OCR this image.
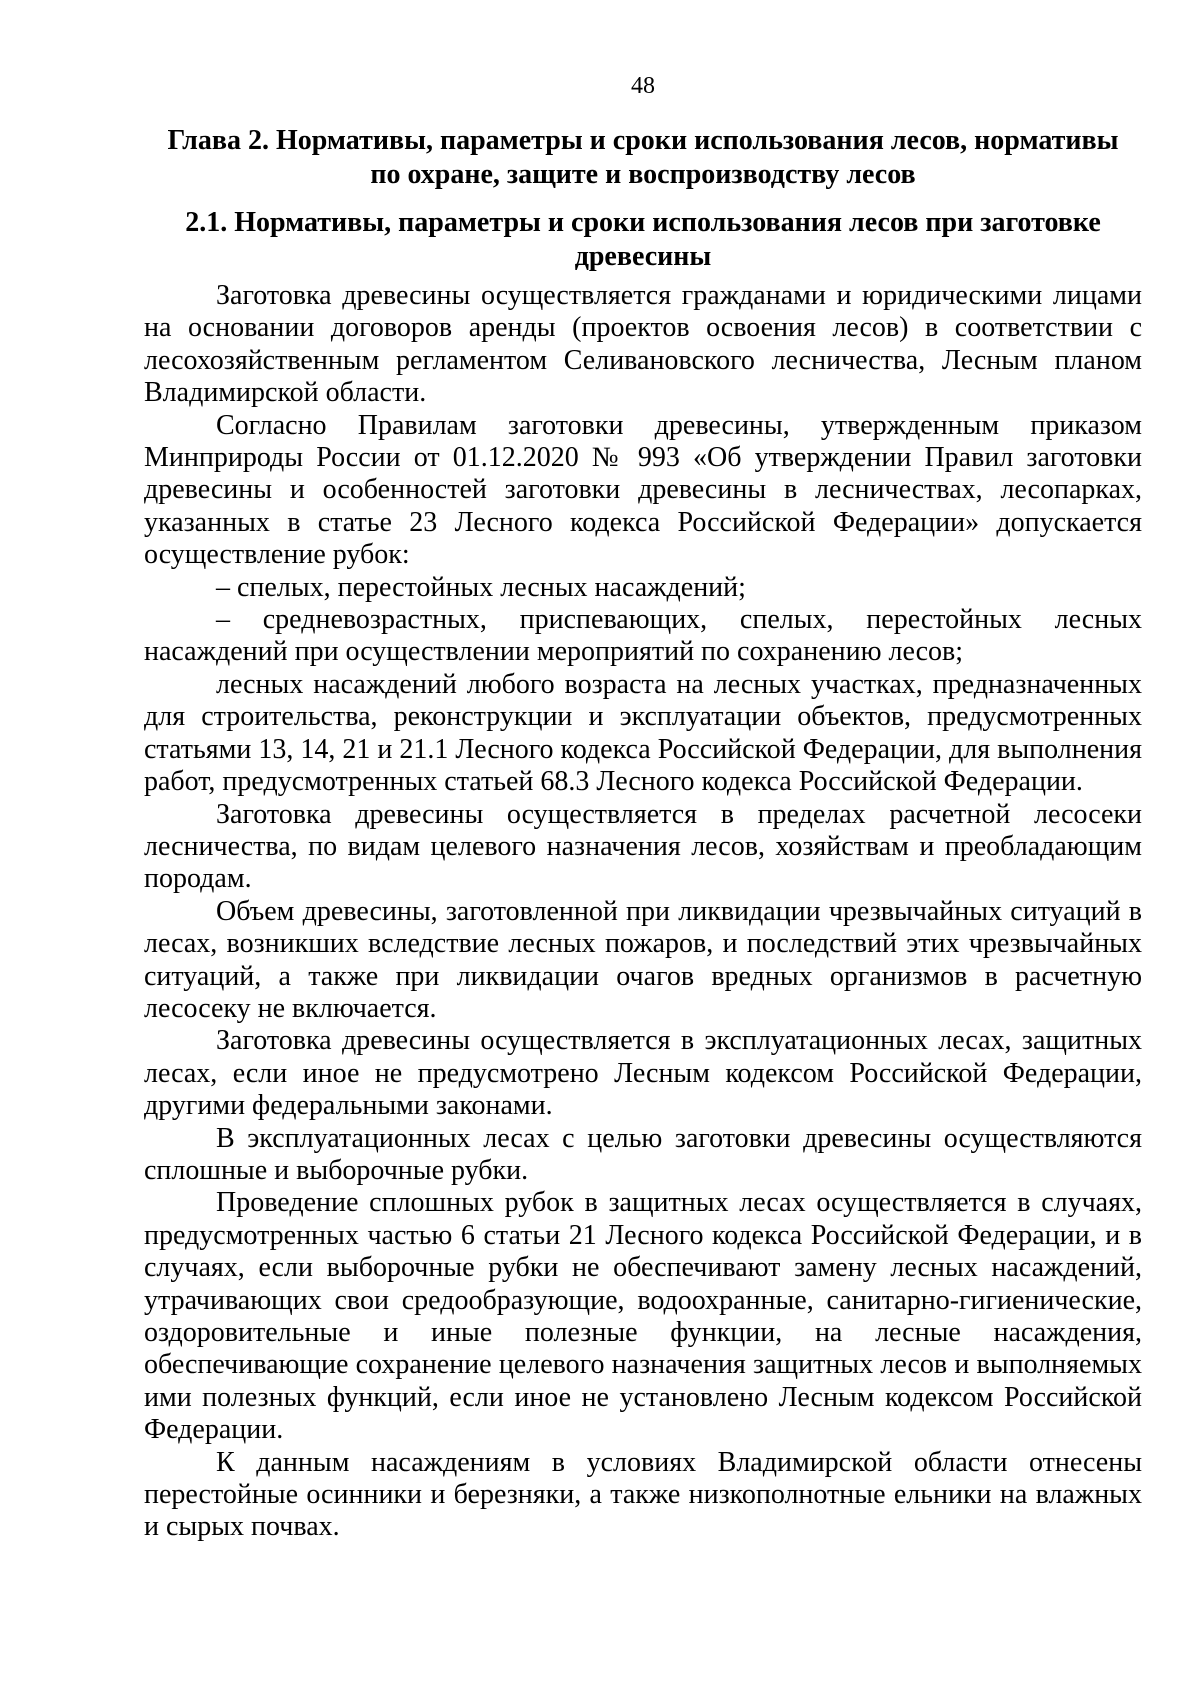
48
Глава 2. Нормативы, параметры и сроки использования лесов, нормативы
по охране, защите и воспроизводству лесов
2.1. Нормативы, параметры и сроки использования лесов при заготовке
древесины

Заготовка древесины осуществляется гражданами и юридическими лицами на основании договоров аренды (проектов освоения лесов) в соответствии с лесохозяйственным регламентом Селивановского лесничества, Лесным планом Владимирской области.

Согласно Правилам заготовки древесины, утвержденным приказом Минприроды России от 01.12.2020 № 993 «Об утверждении Правил заготовки древесины и особенностей заготовки древесины в лесничествах, лесопарках, указанных в статье 23 Лесного кодекса Российской Федерации» допускается осуществление рубок:

– спелых, перестойных лесных насаждений;

– средневозрастных, приспевающих, спелых, перестойных лесных насаждений при осуществлении мероприятий по сохранению лесов;

лесных насаждений любого возраста на лесных участках, предназначенных для строительства, реконструкции и эксплуатации объектов, предусмотренных статьями 13, 14, 21 и 21.1 Лесного кодекса Российской Федерации, для выполнения работ, предусмотренных статьей 68.3 Лесного кодекса Российской Федерации.

Заготовка древесины осуществляется в пределах расчетной лесосеки лесничества, по видам целевого назначения лесов, хозяйствам и преобладающим породам.

Объем древесины, заготовленной при ликвидации чрезвычайных ситуаций в лесах, возникших вследствие лесных пожаров, и последствий этих чрезвычайных ситуаций, а также при ликвидации очагов вредных организмов в расчетную лесосеку не включается.

Заготовка древесины осуществляется в эксплуатационных лесах, защитных лесах, если иное не предусмотрено Лесным кодексом Российской Федерации, другими федеральными законами.

В эксплуатационных лесах с целью заготовки древесины осуществляются сплошные и выборочные рубки.

Проведение сплошных рубок в защитных лесах осуществляется в случаях, предусмотренных частью 6 статьи 21 Лесного кодекса Российской Федерации, и в случаях, если выборочные рубки не обеспечивают замену лесных насаждений, утрачивающих свои средообразующие, водоохранные, санитарно-гигиенические, оздоровительные и иные полезные функции, на лесные насаждения, обеспечивающие сохранение целевого назначения защитных лесов и выполняемых ими полезных функций, если иное не установлено Лесным кодексом Российской Федерации.

К данным насаждениям в условиях Владимирской области отнесены перестойные осинники и березняки, а также низкополнотные ельники на влажных и сырых почвах.
